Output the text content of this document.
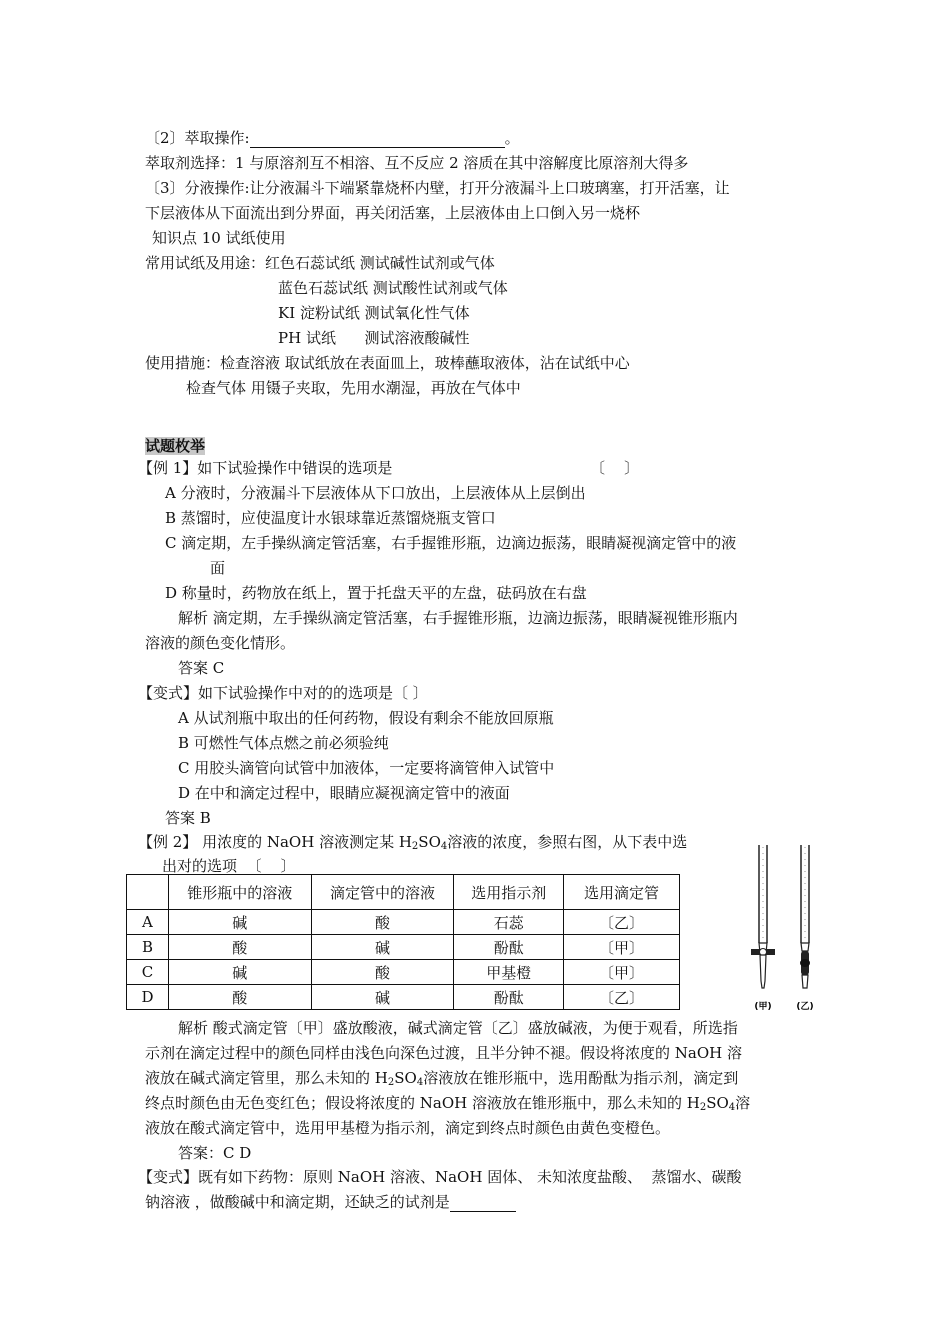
〔2〕萃取操作:	。
萃取剂选择：1 与原溶剂互不相溶、互不反应 2 溶质在其中溶解度比原溶剂大得多
〔3〕分液操作:让分液漏斗下端紧靠烧杯内壁，打开分液漏斗上口玻璃塞，打开活塞，让
下层液体从下面流出到分界面，再关闭活塞，上层液体由上口倒入另一烧杯
知识点 10 试纸使用
常用试纸及用途：红色石蕊试纸 测试碱性试剂或气体
蓝色石蕊试纸 测试酸性试剂或气体
KI 淀粉试纸 测试氧化性气体
PH 试纸      测试溶液酸碱性
使用措施：检查溶液 取试纸放在表面皿上，玻棒蘸取液体，沾在试纸中心
检查气体 用镊子夹取，先用水潮湿，再放在气体中
试题枚举
【例 1】如下试验操作中错误的选项是	〔    〕
A 分液时，分液漏斗下层液体从下口放出，上层液体从上层倒出
B 蒸馏时，应使温度计水银球靠近蒸馏烧瓶支管口
C 滴定期，左手操纵滴定管活塞，右手握锥形瓶，边滴边振荡，眼睛凝视滴定管中的液
面
D 称量时，药物放在纸上，置于托盘天平的左盘，砝码放在右盘
解析 滴定期，左手操纵滴定管活塞，右手握锥形瓶，边滴边振荡，眼睛凝视锥形瓶内
溶液的颜色变化情形。
答案 C
【变式】如下试验操作中对的的选项是〔 〕
A 从试剂瓶中取出的任何药物，假设有剩余不能放回原瓶
B 可燃性气体点燃之前必须验纯
C 用胶头滴管向试管中加液体，一定要将滴管伸入试管中
D 在中和滴定过程中，眼睛应凝视滴定管中的液面
答案 B
【例 2】 用浓度的 NaOH 溶液测定某 $H_2SO_4$溶液的浓度，参照右图，从下表中选
出对的选项  〔    〕
	锥形瓶中的溶液	滴定管中的溶液	选用指示剂	选用滴定管
A	碱	酸	石蕊	〔乙〕
B	酸	碱	酚酞	〔甲〕
C	碱	酸	甲基橙	〔甲〕
D	酸	碱	酚酞	〔乙〕
(甲)	(乙)
解析 酸式滴定管〔甲〕盛放酸液，碱式滴定管〔乙〕盛放碱液，为便于观看，所选指
示剂在滴定过程中的颜色同样由浅色向深色过渡，且半分钟不褪。假设将浓度的 NaOH 溶
液放在碱式滴定管里，那么未知的 $H_2SO_4$溶液放在锥形瓶中，选用酚酞为指示剂，滴定到
终点时颜色由无色变红色；假设将浓度的 NaOH 溶液放在锥形瓶中，那么未知的 $H_2SO_4$溶
液放在酸式滴定管中，选用甲基橙为指示剂，滴定到终点时颜色由黄色变橙色。
答案：C D
【变式】既有如下药物：原则 NaOH 溶液、NaOH 固体、 未知浓度盐酸、  蒸馏水、碳酸
钠溶液 ，做酸碱中和滴定期，还缺乏的试剂是
